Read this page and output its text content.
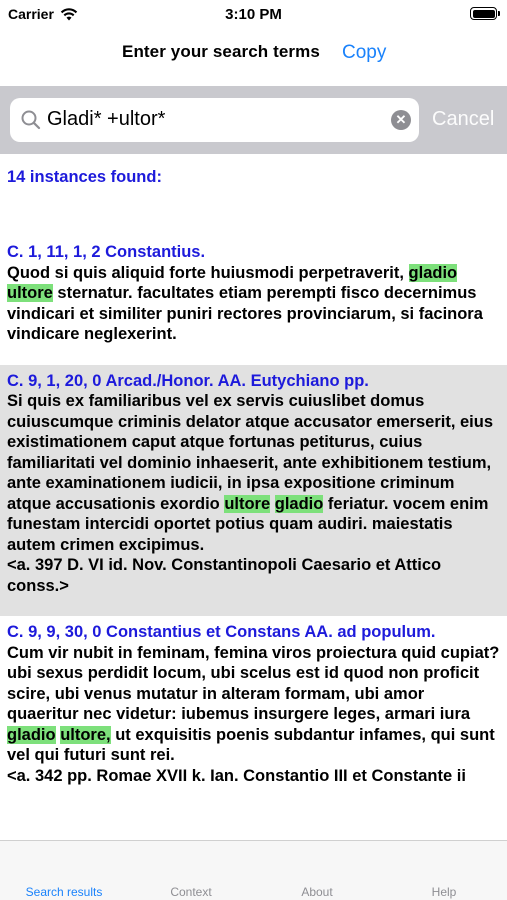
Carrier	3:10 PM
Enter your search terms Copy
Gladi* +ultor*	✕ Cancel
14 instances found:
C. 1, 11, 1, 2 Constantius.
Quod si quis aliquid forte huiusmodi perpetraverit, gladio ultore sternatur. facultates etiam perempti fisco decernimus vindicari et similiter puniri rectores provinciarum, si facinora vindicare neglexerint.
C. 9, 1, 20, 0 Arcad./Honor. AA. Eutychiano pp.
Si quis ex familiaribus vel ex servis cuiuslibet domus cuiuscumque criminis delator atque accusator emerserit, eius existimationem caput atque fortunas petiturus, cuius familiaritati vel dominio inhaeserit, ante exhibitionem testium, ante examinationem iudicii, in ipsa expositione criminum atque accusationis exordio ultore gladio feriatur. vocem enim funestam intercidi oportet potius quam audiri. maiestatis autem crimen excipimus.
<a. 397 D. VI id. Nov. Constantinopoli Caesario et Attico conss.>
C. 9, 9, 30, 0 Constantius et Constans AA. ad populum.
Cum vir nubit in feminam, femina viros proiectura quid cupiat? ubi sexus perdidit locum, ubi scelus est id quod non proficit scire, ubi venus mutatur in alteram formam, ubi amor quaeritur nec videtur: iubemus insurgere leges, armari iura gladio ultore, ut exquisitis poenis subdantur infames, qui sunt vel qui futuri sunt rei.
<a. 342 pp. Romae XVII k. Ian. Constantio III et Constante ii
Search results	Context	About	Help
